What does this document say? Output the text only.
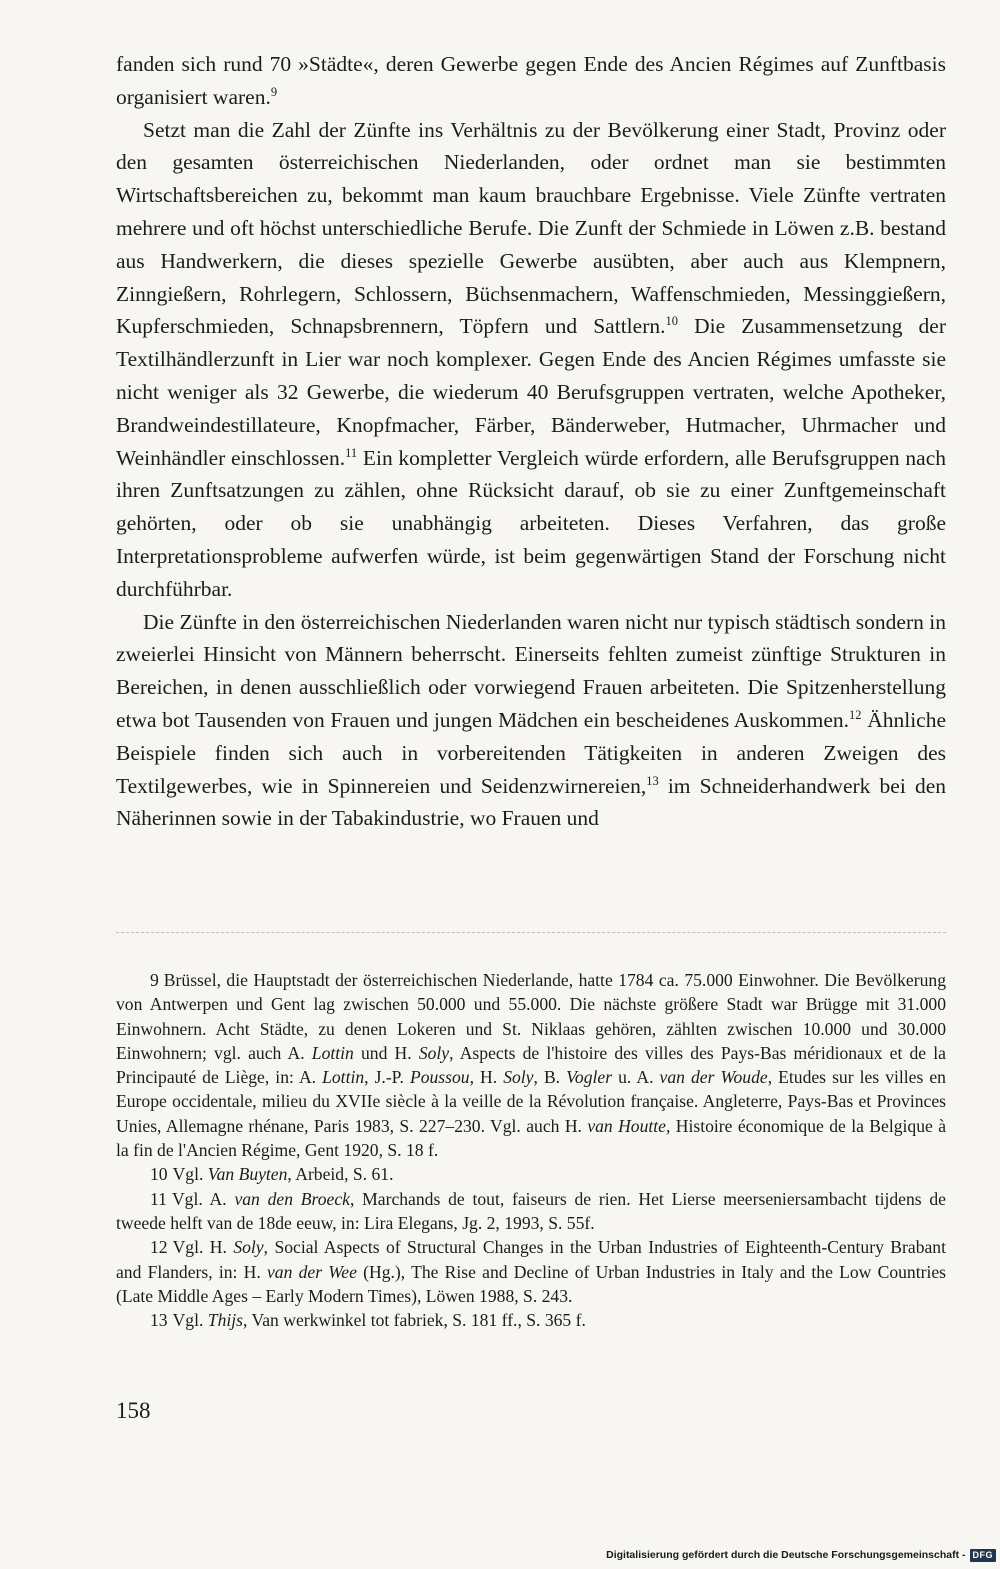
fanden sich rund 70 »Städte«, deren Gewerbe gegen Ende des Ancien Régimes auf Zunftbasis organisiert waren.$^9$

Setzt man die Zahl der Zünfte ins Verhältnis zu der Bevölkerung einer Stadt, Provinz oder den gesamten österreichischen Niederlanden, oder ordnet man sie bestimmten Wirtschaftsbereichen zu, bekommt man kaum brauchbare Ergebnisse. Viele Zünfte vertraten mehrere und oft höchst unterschiedliche Berufe. Die Zunft der Schmiede in Löwen z.B. bestand aus Handwerkern, die dieses spezielle Gewerbe ausübten, aber auch aus Klempnern, Zinngießern, Rohrlegern, Schlossern, Büchsenmachern, Waffenschmieden, Messinggießern, Kupferschmieden, Schnapsbrennern, Töpfern und Sattlern.$^{10}$ Die Zusammensetzung der Textilhändlerzunft in Lier war noch komplexer. Gegen Ende des Ancien Régimes umfasste sie nicht weniger als 32 Gewerbe, die wiederum 40 Berufsgruppen vertraten, welche Apotheker, Brandweindestillateure, Knopfmacher, Färber, Bänderweber, Hutmacher, Uhrmacher und Weinhändler einschlossen.$^{11}$ Ein kompletter Vergleich würde erfordern, alle Berufsgruppen nach ihren Zunftsatzungen zu zählen, ohne Rücksicht darauf, ob sie zu einer Zunftgemeinschaft gehörten, oder ob sie unabhängig arbeiteten. Dieses Verfahren, das große Interpretationsprobleme aufwerfen würde, ist beim gegenwärtigen Stand der Forschung nicht durchführbar.

Die Zünfte in den österreichischen Niederlanden waren nicht nur typisch städtisch sondern in zweierlei Hinsicht von Männern beherrscht. Einerseits fehlten zumeist zünftige Strukturen in Bereichen, in denen ausschließlich oder vorwiegend Frauen arbeiteten. Die Spitzenherstellung etwa bot Tausenden von Frauen und jungen Mädchen ein bescheidenes Auskommen.$^{12}$ Ähnliche Beispiele finden sich auch in vorbereitenden Tätigkeiten in anderen Zweigen des Textilgewerbes, wie in Spinnereien und Seidenzwirnereien,$^{13}$ im Schneiderhandwerk bei den Näherinnen sowie in der Tabakindustrie, wo Frauen und

9 Brüssel, die Hauptstadt der österreichischen Niederlande, hatte 1784 ca. 75.000 Einwohner. Die Bevölkerung von Antwerpen und Gent lag zwischen 50.000 und 55.000. Die nächste größere Stadt war Brügge mit 31.000 Einwohnern. Acht Städte, zu denen Lokeren und St. Niklaas gehören, zählten zwischen 10.000 und 30.000 Einwohnern; vgl. auch A. Lottin und H. Soly, Aspects de l'histoire des villes des Pays-Bas méridionaux et de la Principauté de Liège, in: A. Lottin, J.-P. Poussou, H. Soly, B. Vogler u. A. van der Woude, Etudes sur les villes en Europe occidentale, milieu du XVIIe siècle à la veille de la Révolution française. Angleterre, Pays-Bas et Provinces Unies, Allemagne rhénane, Paris 1983, S. 227–230. Vgl. auch H. van Houtte, Histoire économique de la Belgique à la fin de l'Ancien Régime, Gent 1920, S. 18 f.

10 Vgl. Van Buyten, Arbeid, S. 61.

11 Vgl. A. van den Broeck, Marchands de tout, faiseurs de rien. Het Lierse meerseniersambacht tijdens de tweede helft van de 18de eeuw, in: Lira Elegans, Jg. 2, 1993, S. 55f.

12 Vgl. H. Soly, Social Aspects of Structural Changes in the Urban Industries of Eighteenth-Century Brabant and Flanders, in: H. van der Wee (Hg.), The Rise and Decline of Urban Industries in Italy and the Low Countries (Late Middle Ages – Early Modern Times), Löwen 1988, S. 243.

13 Vgl. Thijs, Van werkwinkel tot fabriek, S. 181 ff., S. 365 f.

158
Digitalisierung gefördert durch die Deutsche Forschungsgemeinschaft - DFG
